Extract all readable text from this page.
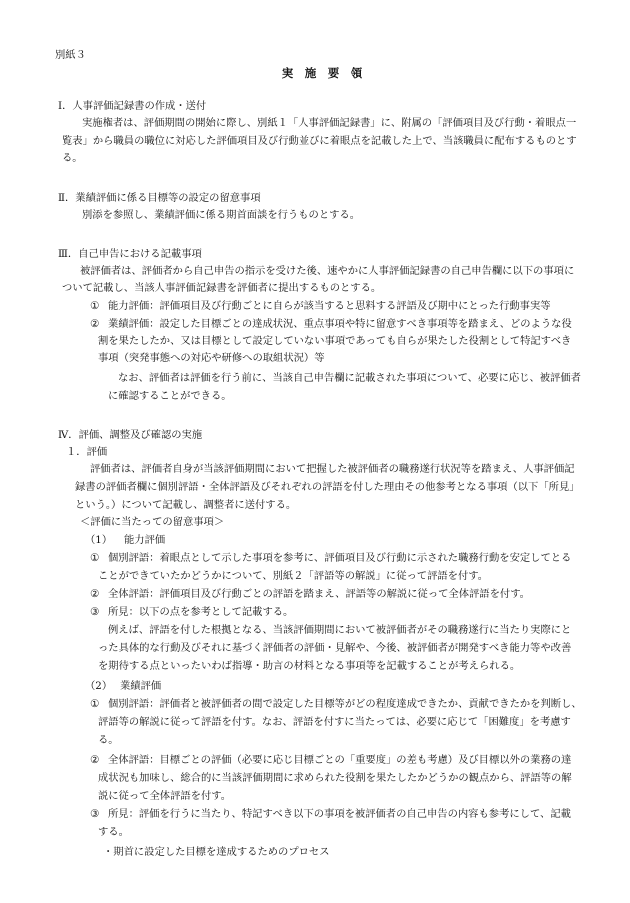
別紙３
実　施　要　領
Ⅰ．人事評価記録書の作成・送付
実施権者は、評価期間の開始に際し、別紙１「人事評価記録書」に、附属の「評価項目及び行動・着眼点一
覧表」から職員の職位に対応した評価項目及び行動並びに着眼点を記載した上で、当該職員に配布するものとす
る。
Ⅱ．業績評価に係る目標等の設定の留意事項
別添を参照し、業績評価に係る期首面談を行うものとする。
Ⅲ．自己申告における記載事項
被評価者は、評価者から自己申告の指示を受けた後、速やかに人事評価記録書の自己申告欄に以下の事項に
ついて記載し、当該人事評価記録書を評価者に提出するものとする。
① 能力評価：評価項目及び行動ごとに自らが該当すると思料する評語及び期中にとった行動事実等
② 業績評価：設定した目標ごとの達成状況、重点事項や特に留意すべき事項等を踏まえ、どのような役
割を果たしたか、又は目標として設定していない事項であっても自らが果たした役割として特記すべき
事項（突発事態への対応や研修への取組状況）等
なお、評価者は評価を行う前に、当該自己申告欄に記載された事項について、必要に応じ、被評価者
に確認することができる。
Ⅳ．評価、調整及び確認の実施
１．評価
評価者は、評価者自身が当該評価期間において把握した被評価者の職務遂行状況等を踏まえ、人事評価記
録書の評価者欄に個別評語・全体評語及びそれぞれの評語を付した理由その他参考となる事項（以下「所見」
という。）について記載し、調整者に送付する。
＜評価に当たっての留意事項＞
（1） 能力評価
① 個別評語：着眼点として示した事項を参考に、評価項目及び行動に示された職務行動を安定してとる
ことができていたかどうかについて、別紙２「評語等の解説」に従って評語を付す。
② 全体評語：評価項目及び行動ごとの評語を踏まえ、評語等の解説に従って全体評語を付す。
③ 所見：以下の点を参考として記載する。
例えば、評語を付した根拠となる、当該評価期間において被評価者がその職務遂行に当たり実際にと
った具体的な行動及びそれに基づく評価者の評価・見解や、今後、被評価者が開発すべき能力等や改善
を期待する点といったいわば指導・助言の材料となる事項等を記載することが考えられる。
（2） 業績評価
① 個別評語：評価者と被評価者の間で設定した目標等がどの程度達成できたか、貢献できたかを判断し、
評語等の解説に従って評語を付す。なお、評語を付すに当たっては、必要に応じて「困難度」を考慮す
る。
② 全体評語：目標ごとの評価（必要に応じ目標ごとの「重要度」の差も考慮）及び目標以外の業務の達
成状況も加味し、総合的に当該評価期間に求められた役割を果たしたかどうかの観点から、評語等の解
説に従って全体評語を付す。
③ 所見：評価を行うに当たり、特記すべき以下の事項を被評価者の自己申告の内容も参考にして、記載
する。
・期首に設定した目標を達成するためのプロセス
